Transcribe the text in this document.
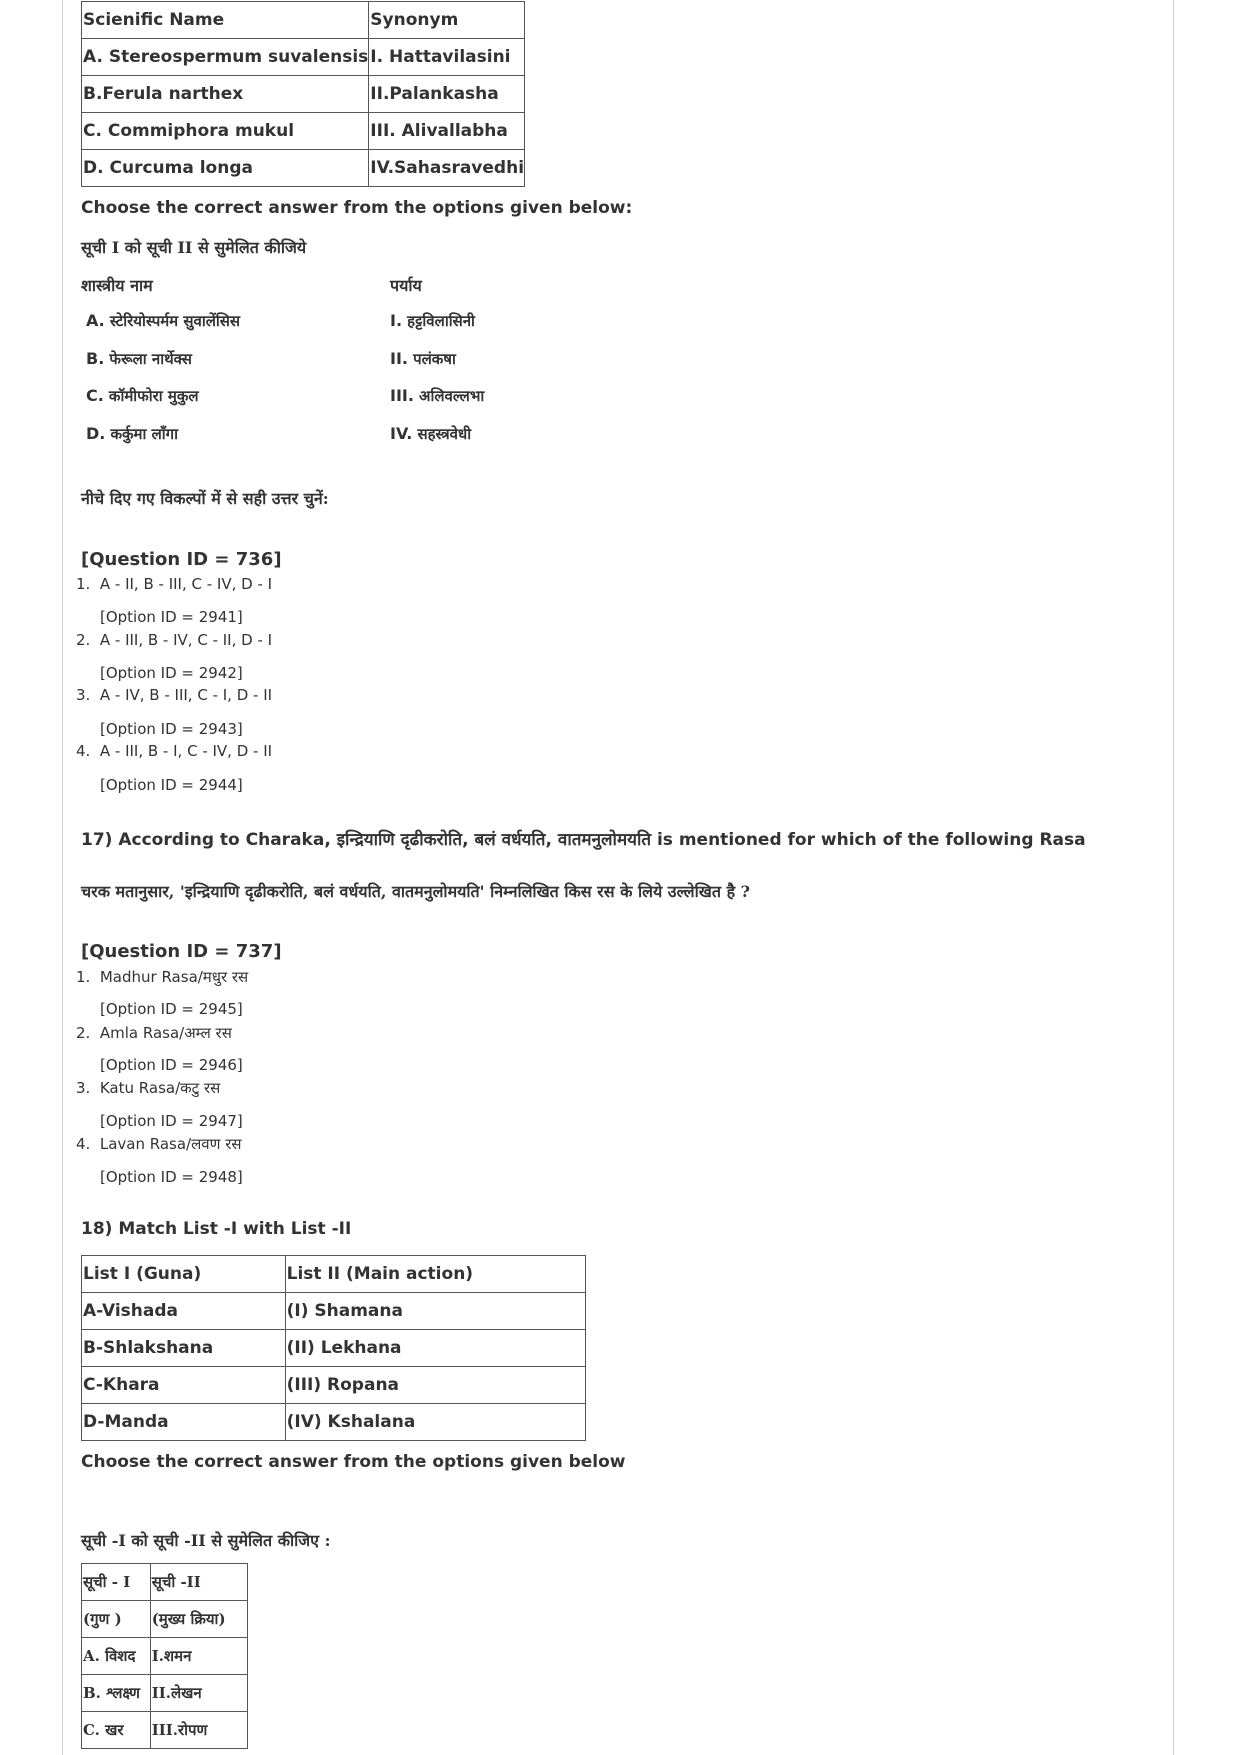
Scienific Name	Synonym
A. Stereospermum suvalensis	I. Hattavilasini
B.Ferula narthex	II.Palankasha
C. Commiphora mukul	III. Alivallabha
D. Curcuma longa	IV.Sahasravedhi
Choose the correct answer from the options given below:
सूची I को सूची II से सुमेलित कीजिये
शास्त्रीय नाम	पर्याय
A. स्टेरियोस्पर्मम सुवालेंसिस	I. हट्टविलासिनी
B. फेरूला नार्थेक्स	II. पलंकषा
C. कॉमीफोरा मुकुल	III. अलिवल्लभा
D. कर्कुमा लॉंगा	IV. सहस्त्रवेधी
नीचे दिए गए विकल्पों में से सही उत्तर चुनें:
[Question ID = 736]
1. A - II, B - III, C - IV, D - I
[Option ID = 2941]
2. A - III, B - IV, C - II, D - I
[Option ID = 2942]
3. A - IV, B - III, C - I, D - II
[Option ID = 2943]
4. A - III, B - I, C - IV, D - II
[Option ID = 2944]
17) According to Charaka, इन्द्रियाणि दृढीकरोति, बलं वर्धयति, वातमनुलोमयति is mentioned for which of the following Rasa
चरक मतानुसार, 'इन्द्रियाणि दृढीकरोति, बलं वर्धयति, वातमनुलोमयति' निम्नलिखित किस रस के लिये उल्लेखित है ?
[Question ID = 737]
1. Madhur Rasa/मधुर रस
[Option ID = 2945]
2. Amla Rasa/अम्ल रस
[Option ID = 2946]
3. Katu Rasa/कटु रस
[Option ID = 2947]
4. Lavan Rasa/लवण रस
[Option ID = 2948]
18) Match List -I with List -II
List I (Guna)	List II (Main action)
A-Vishada	(I) Shamana
B-Shlakshana	(II) Lekhana
C-Khara	(III) Ropana
D-Manda	(IV) Kshalana
Choose the correct answer from the options given below
सूची -I को सूची -II से सुमेलित कीजिए :
सूची - I	सूची -II
(गुण )	(मुख्य क्रिया)
A. विशद	I.शमन
B. श्लक्ष्ण	II.लेखन
C. खर	III.रोपण
